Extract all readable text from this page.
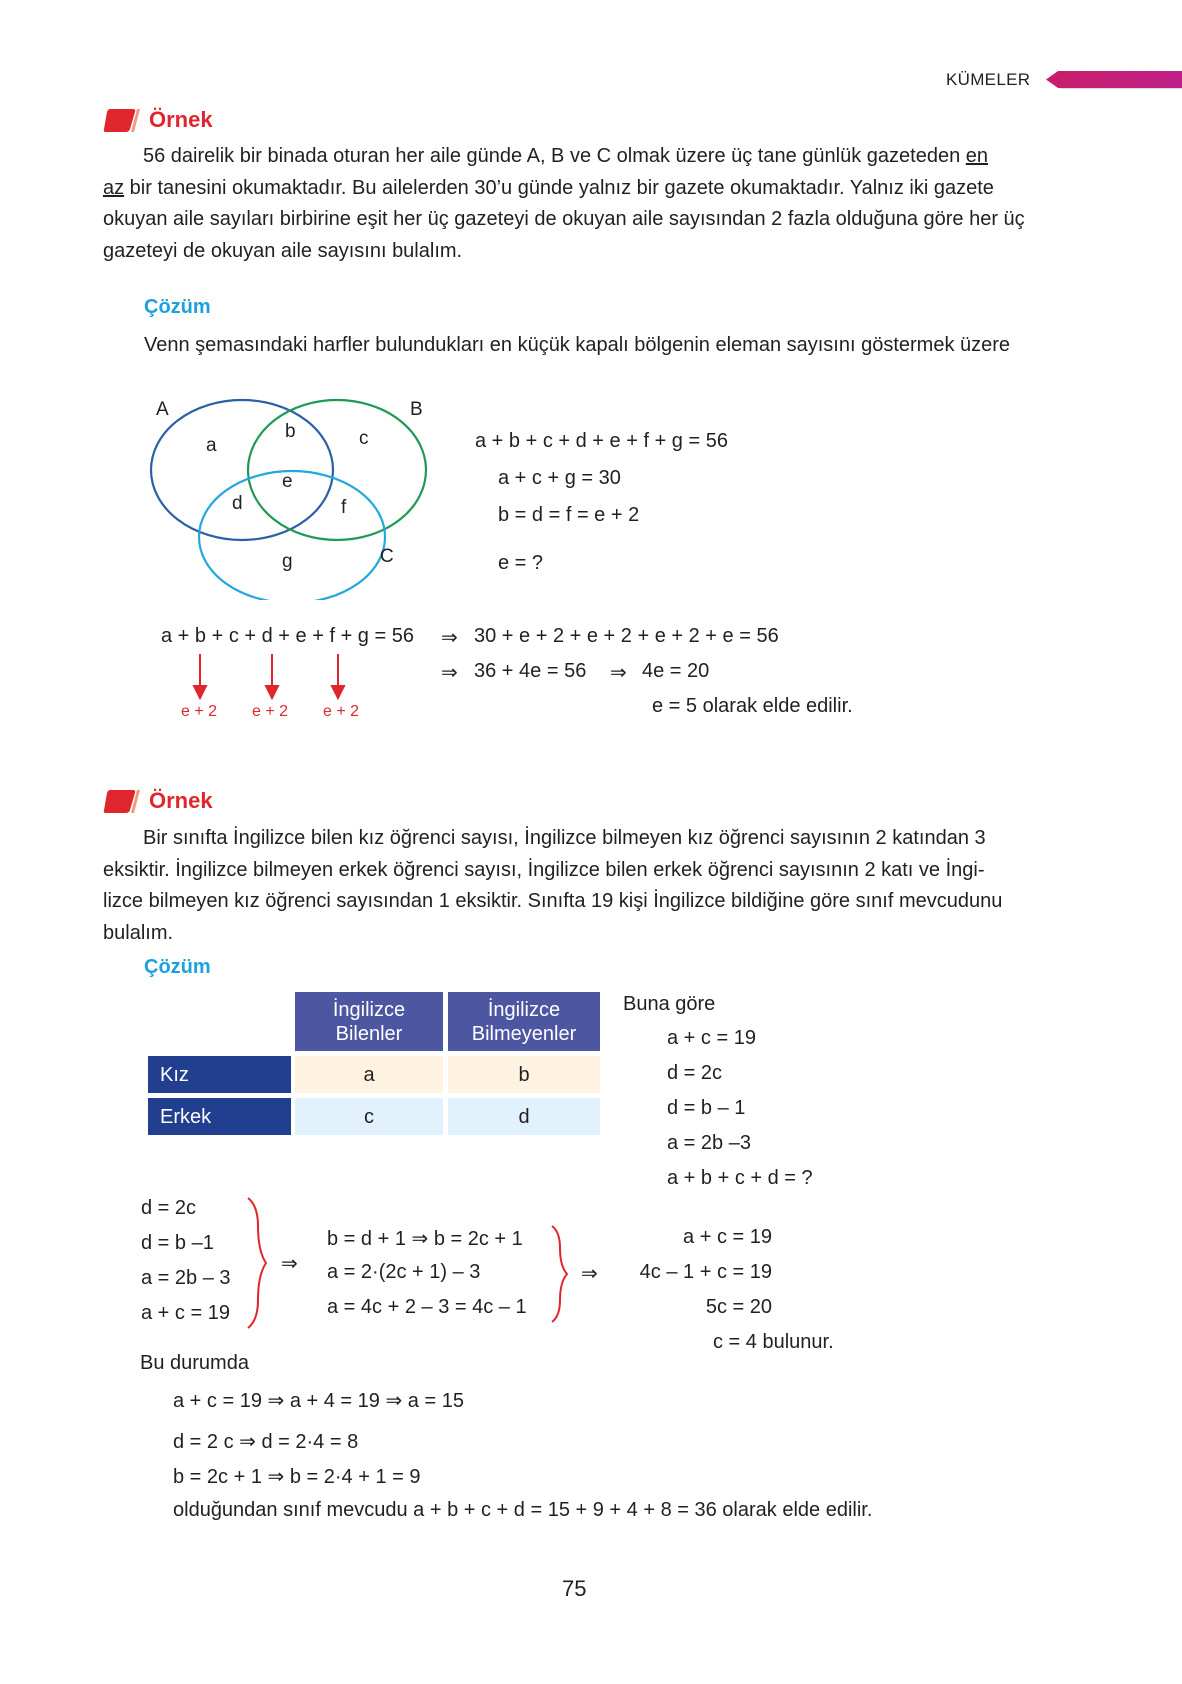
KÜMELER
Örnek

56 dairelik bir binada oturan her aile günde A, B ve C olmak üzere üç tane günlük gazeteden en

az bir tanesini okumaktadır. Bu ailelerden 30’u günde yalnız bir gazete okumaktadır. Yalnız iki gazete

okuyan aile sayıları birbirine eşit her üç gazeteyi de okuyan aile sayısından 2 fazla olduğuna göre her üç

gazeteyi de okuyan aile sayısını bulalım.

Çözüm
Venn şemasındaki harfler bulundukları en küçük kapalı bölgenin eleman sayısını göstermek üzere
A	B
C
a
b	c
d
e
f
g
a + b + c + d + e + f + g = 56
a + c + g = 30
b = d = f = e + 2
e = ?
a + b + c + d + e + f + g = 56 ⇒ 30 + e + 2 + e + 2 + e + 2 + e = 56
⇒ 36 + 4e = 56 ⇒ 4e = 20
e = 5 olarak elde edilir.
e + 2 e + 2 e + 2
Örnek

Bir sınıfta İngilizce bilen kız öğrenci sayısı, İngilizce bilmeyen kız öğrenci sayısının 2 katından 3

eksiktir. İngilizce bilmeyen erkek öğrenci sayısı, İngilizce bilen erkek öğrenci sayısının 2 katı ve İngi-

lizce bilmeyen kız öğrenci sayısından 1 eksiktir. Sınıfta 19 kişi İngilizce bildiğine göre sınıf mevcudunu

bulalım.

Çözüm
İngilizce
Bilenler
İngilizce
Bilmeyenler
Kız	a	b
Erkek	c	d
Buna göre
a + c = 19
d = 2c
d = b – 1
a = 2b –3
a + b + c + d = ?
d = 2c
d = b –1
a = 2b – 3
a + c = 19
⇒
b = d + 1 ⇒ b = 2c + 1
a = 2·(2c + 1) – 3
a = 4c + 2 – 3 = 4c – 1
⇒
a + c = 19
4c – 1 + c = 19
5c = 20
c = 4 bulunur.
Bu durumda
a + c = 19 ⇒ a + 4 = 19 ⇒ a = 15
d = 2 c ⇒ d = 2·4 = 8
b = 2c + 1 ⇒ b = 2·4 + 1 = 9
olduğundan sınıf mevcudu a + b + c + d = 15 + 9 + 4 + 8 = 36 olarak elde edilir.
75
